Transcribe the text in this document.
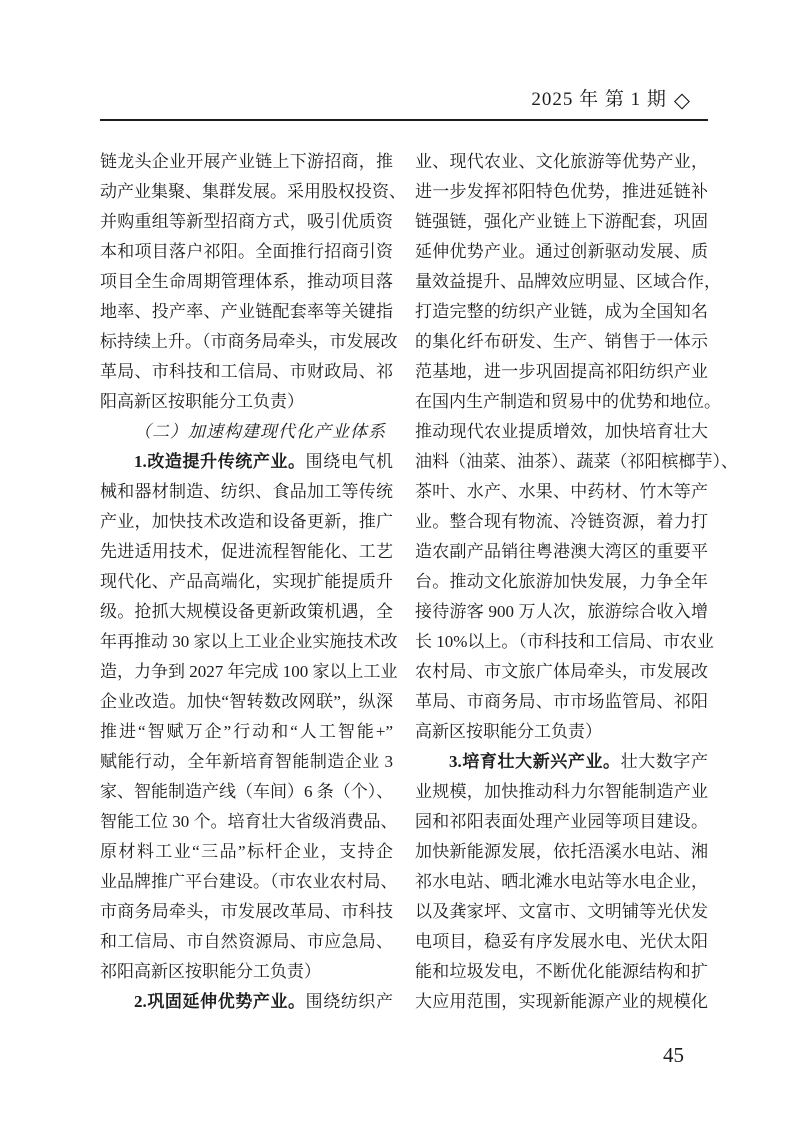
2025 年 第 1 期 ◇
链龙头企业开展产业链上下游招商，推
动产业集聚、集群发展。采用股权投资、
并购重组等新型招商方式，吸引优质资
本和项目落户祁阳。全面推行招商引资
项目全生命周期管理体系，推动项目落
地率、投产率、产业链配套率等关键指
标持续上升。（市商务局牵头，市发展改
革局、市科技和工信局、市财政局、祁
阳高新区按职能分工负责）
（二）加速构建现代化产业体系
1.改造提升传统产业。围绕电气机
械和器材制造、纺织、食品加工等传统
产业，加快技术改造和设备更新，推广
先进适用技术，促进流程智能化、工艺
现代化、产品高端化，实现扩能提质升
级。抢抓大规模设备更新政策机遇，全
年再推动 30 家以上工业企业实施技术改
造，力争到 2027 年完成 100 家以上工业
企业改造。加快“智转数改网联”，纵深
推进“智赋万企”行动和“人工智能+”
赋能行动，全年新培育智能制造企业 3
家、智能制造产线（车间）6 条（个）、
智能工位 30 个。培育壮大省级消费品、
原材料工业“三品”标杆企业，支持企
业品牌推广平台建设。（市农业农村局、
市商务局牵头，市发展改革局、市科技
和工信局、市自然资源局、市应急局、
祁阳高新区按职能分工负责）
2.巩固延伸优势产业。围绕纺织产
业、现代农业、文化旅游等优势产业，
进一步发挥祁阳特色优势，推进延链补
链强链，强化产业链上下游配套，巩固
延伸优势产业。通过创新驱动发展、质
量效益提升、品牌效应明显、区域合作，
打造完整的纺织产业链，成为全国知名
的集化纤布研发、生产、销售于一体示
范基地，进一步巩固提高祁阳纺织产业
在国内生产制造和贸易中的优势和地位。
推动现代农业提质增效，加快培育壮大
油料（油菜、油茶）、蔬菜（祁阳槟榔芋）、
茶叶、水产、水果、中药材、竹木等产
业。整合现有物流、冷链资源，着力打
造农副产品销往粤港澳大湾区的重要平
台。推动文化旅游加快发展，力争全年
接待游客 900 万人次，旅游综合收入增
长 10%以上。（市科技和工信局、市农业
农村局、市文旅广体局牵头，市发展改
革局、市商务局、市市场监管局、祁阳
高新区按职能分工负责）
3.培育壮大新兴产业。壮大数字产
业规模，加快推动科力尔智能制造产业
园和祁阳表面处理产业园等项目建设。
加快新能源发展，依托浯溪水电站、湘
祁水电站、晒北滩水电站等水电企业，
以及龚家坪、文富市、文明铺等光伏发
电项目，稳妥有序发展水电、光伏太阳
能和垃圾发电，不断优化能源结构和扩
大应用范围，实现新能源产业的规模化
45
